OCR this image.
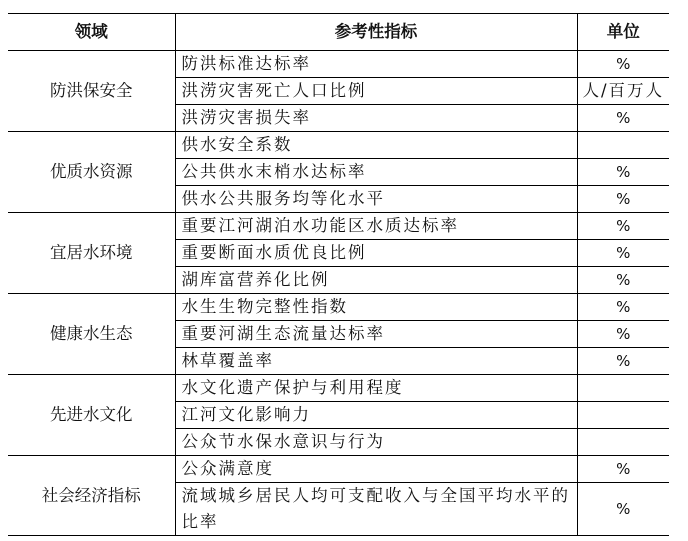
领域	参考性指标	单位
防洪保安全	防洪标准达标率	%
	洪涝灾害死亡人口比例	人/百万人
	洪涝灾害损失率	%
优质水资源	供水安全系数	
	公共供水末梢水达标率	%
	供水公共服务均等化水平	%
宜居水环境	重要江河湖泊水功能区水质达标率	%
	重要断面水质优良比例	%
	湖库富营养化比例	%
健康水生态	水生生物完整性指数	%
	重要河湖生态流量达标率	%
	林草覆盖率	%
先进水文化	水文化遗产保护与利用程度	
	江河文化影响力	
	公众节水保水意识与行为	
社会经济指标	公众满意度	%
	流域城乡居民人均可支配收入与全国平均水平的比率	%
